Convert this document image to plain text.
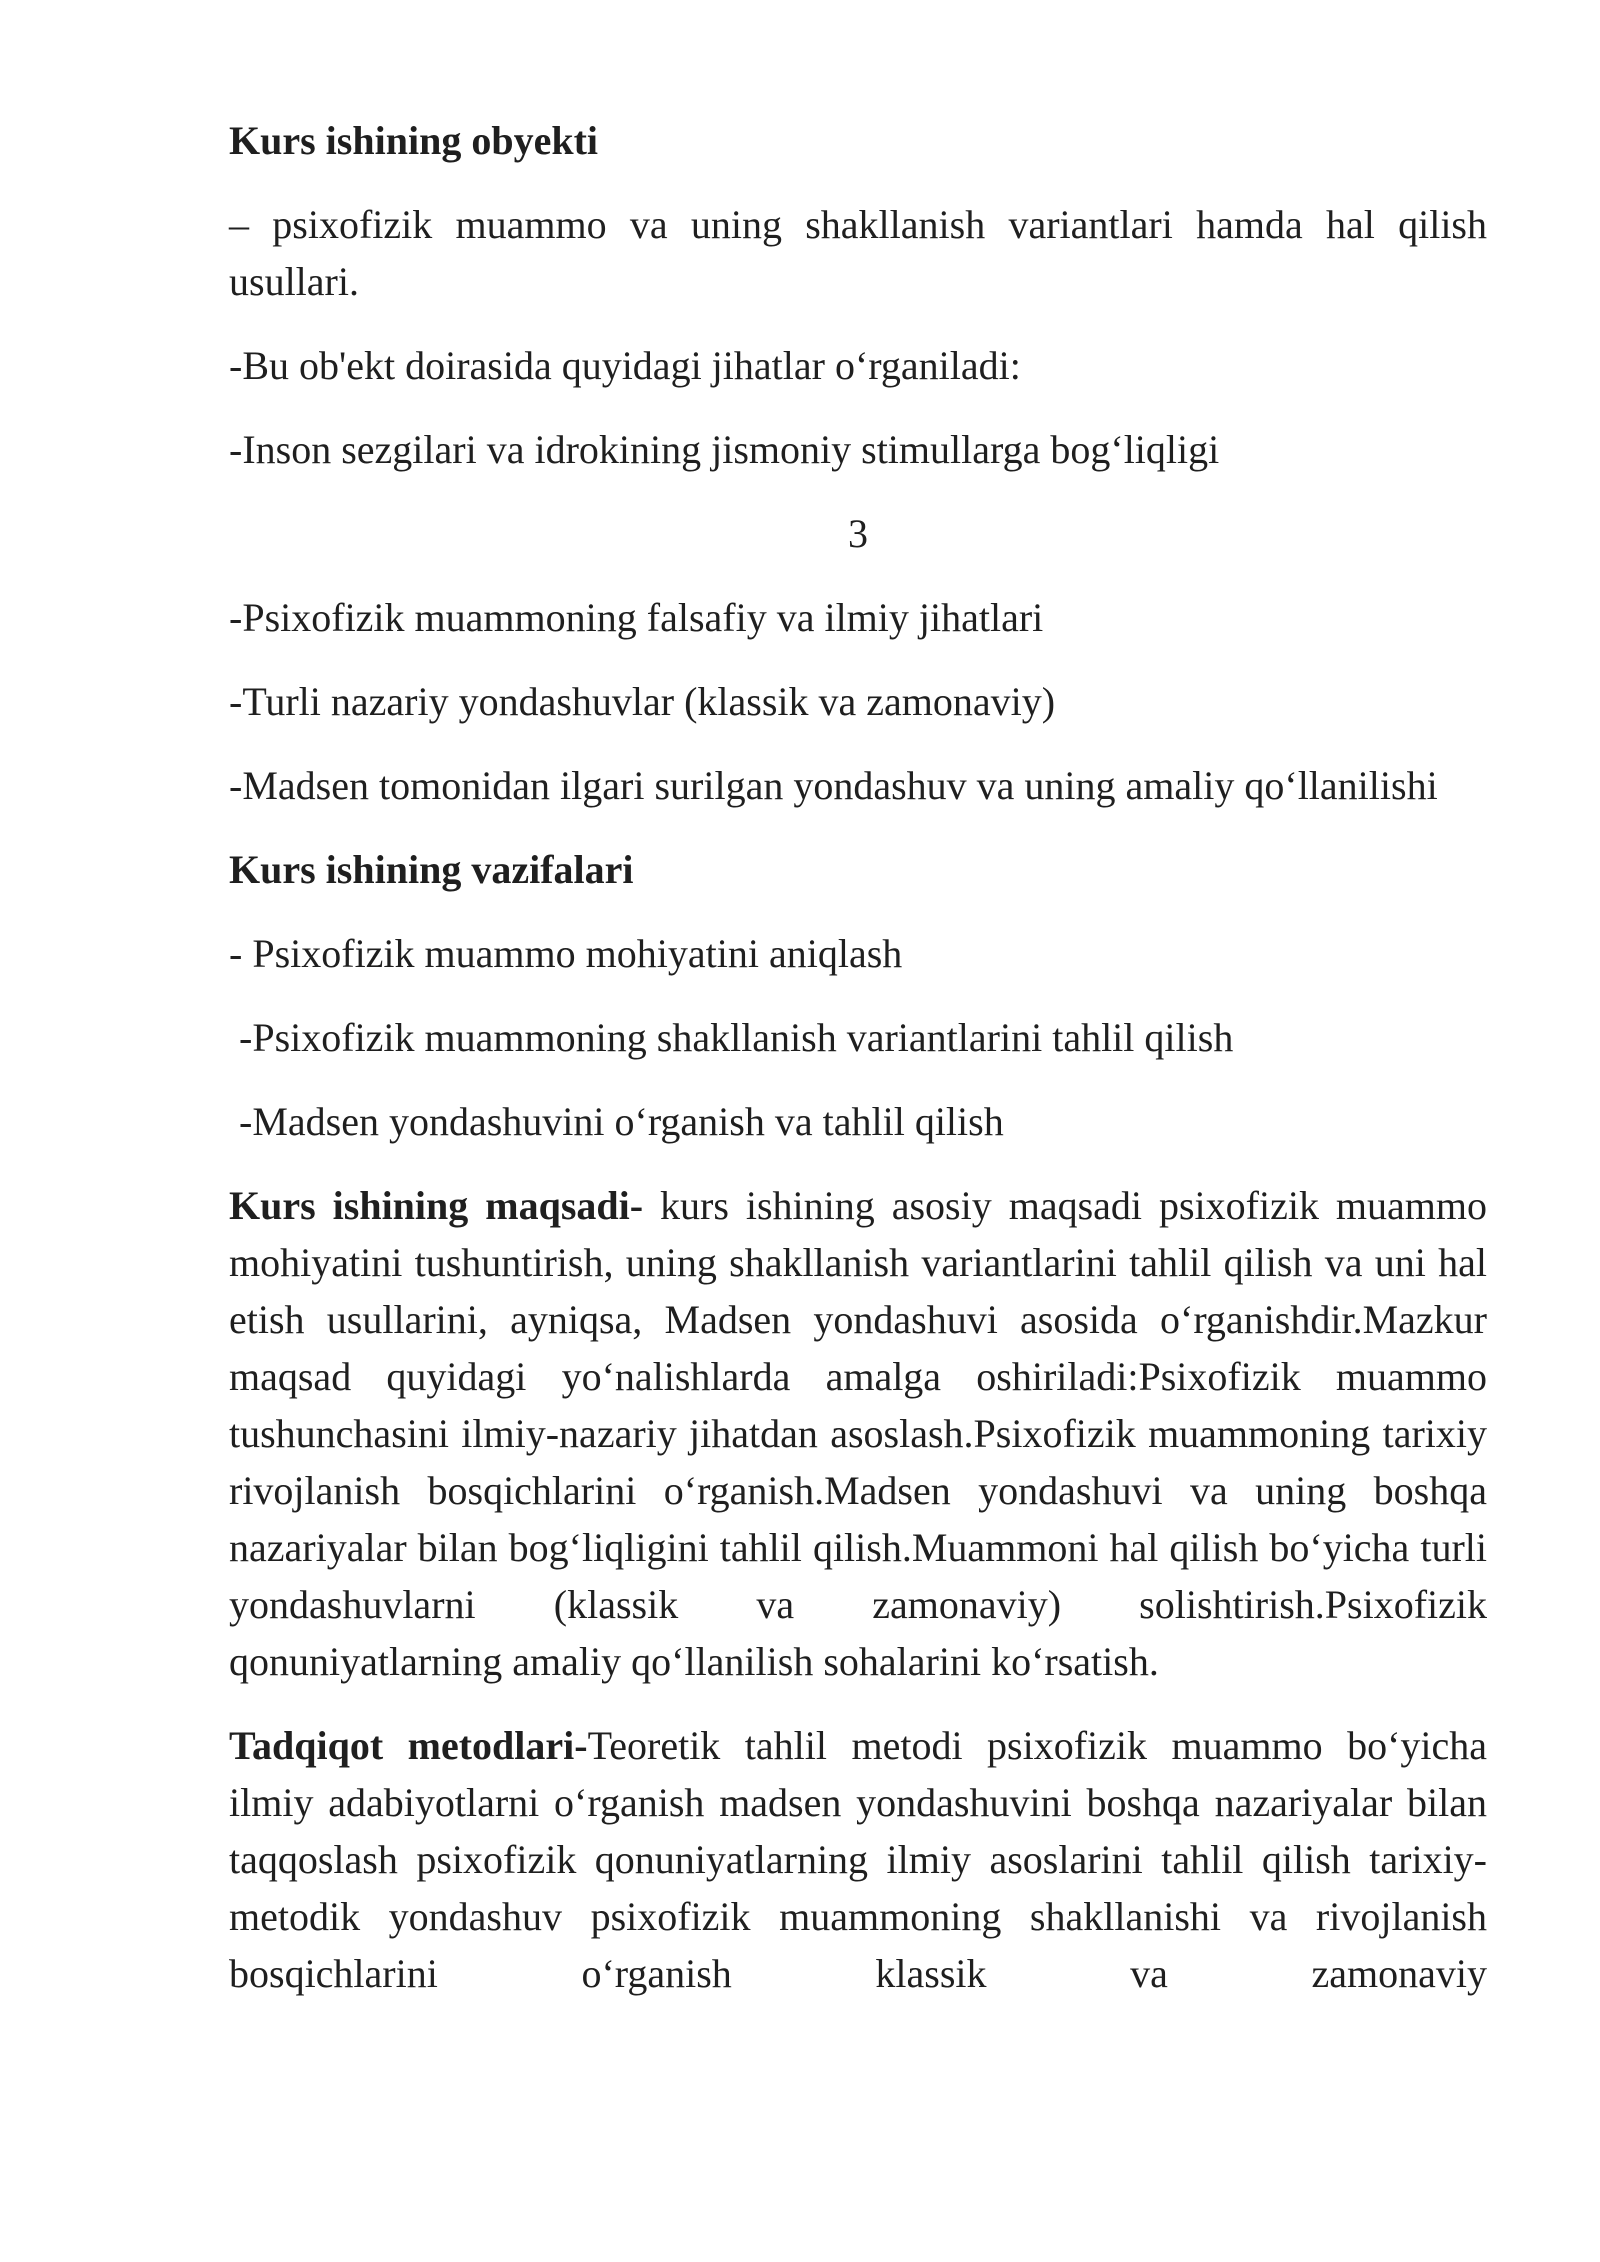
Kurs ishining obyekti
– psixofizik muammo va uning shakllanish variantlari hamda hal qilish usullari.
-Bu ob'ekt doirasida quyidagi jihatlar o‘rganiladi:
-Inson sezgilari va idrokining jismoniy stimullarga bog‘liqligi
3
-Psixofizik muammoning falsafiy va ilmiy jihatlari
-Turli nazariy yondashuvlar (klassik va zamonaviy)
-Madsen tomonidan ilgari surilgan yondashuv va uning amaliy qo‘llanilishi
Kurs ishining vazifalari
- Psixofizik muammo mohiyatini aniqlash
-Psixofizik muammoning shakllanish variantlarini tahlil qilish
-Madsen yondashuvini o‘rganish va tahlil qilish
Kurs ishining maqsadi- kurs ishining asosiy maqsadi psixofizik muammo mohiyatini tushuntirish, uning shakllanish variantlarini tahlil qilish va uni hal etish usullarini, ayniqsa, Madsen yondashuvi asosida o‘rganishdir.Mazkur maqsad quyidagi yo‘nalishlarda amalga oshiriladi:Psixofizik muammo tushunchasini ilmiy-nazariy jihatdan asoslash.Psixofizik muammoning tarixiy rivojlanish bosqichlarini o‘rganish.Madsen yondashuvi va uning boshqa nazariyalar bilan bog‘liqligini tahlil qilish.Muammoni hal qilish bo‘yicha turli yondashuvlarni (klassik va zamonaviy) solishtirish.Psixofizik qonuniyatlarning amaliy qo‘llanilish sohalarini ko‘rsatish.
Tadqiqot metodlari-Teoretik tahlil metodi psixofizik muammo bo‘yicha ilmiy adabiyotlarni o‘rganish madsen yondashuvini boshqa nazariyalar bilan taqqoslash psixofizik qonuniyatlarning ilmiy asoslarini tahlil qilish tarixiy-metodik yondashuv psixofizik muammoning shakllanishi va rivojlanish bosqichlarini o‘rganish klassik va zamonaviy
